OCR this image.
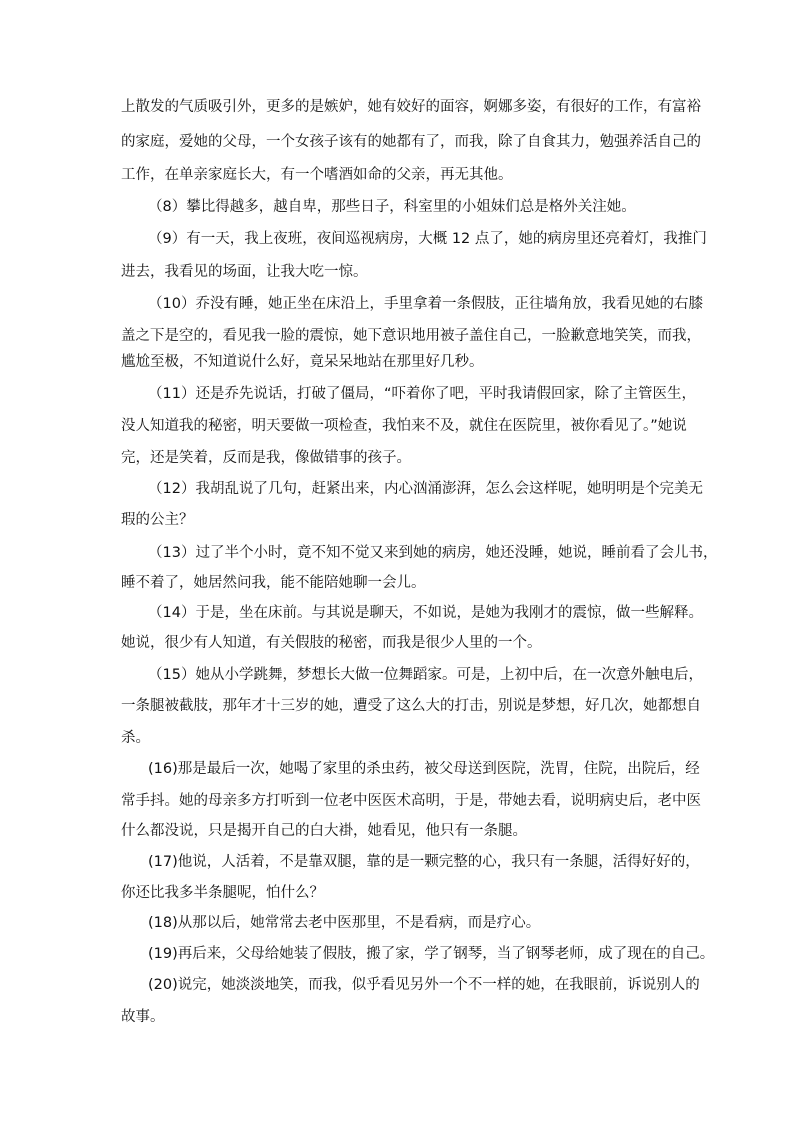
上散发的气质吸引外，更多的是嫉妒，她有姣好的面容，婀娜多姿，有很好的工作，有富裕
的家庭，爱她的父母，一个女孩子该有的她都有了，而我，除了自食其力，勉强养活自己的
工作，在单亲家庭长大，有一个嗜酒如命的父亲，再无其他。
（8）攀比得越多，越自卑，那些日子，科室里的小姐妹们总是格外关注她。
（9）有一天，我上夜班，夜间巡视病房，大概 12 点了，她的病房里还亮着灯，我推门
进去，我看见的场面，让我大吃一惊。
（10）乔没有睡，她正坐在床沿上，手里拿着一条假肢，正往墙角放，我看见她的右膝
盖之下是空的，看见我一脸的震惊，她下意识地用被子盖住自己，一脸歉意地笑笑，而我，
尴尬至极，不知道说什么好，竟呆呆地站在那里好几秒。
（11）还是乔先说话，打破了僵局，“吓着你了吧，平时我请假回家，除了主管医生，
没人知道我的秘密，明天要做一项检查，我怕来不及，就住在医院里，被你看见了。”她说
完，还是笑着，反而是我，像做错事的孩子。
（12）我胡乱说了几句，赶紧出来，内心汹涌澎湃，怎么会这样呢，她明明是个完美无
瑕的公主？
（13）过了半个小时，竟不知不觉又来到她的病房，她还没睡，她说，睡前看了会儿书，
睡不着了，她居然问我，能不能陪她聊一会儿。
（14）于是，坐在床前。与其说是聊天，不如说，是她为我刚才的震惊，做一些解释。
她说，很少有人知道，有关假肢的秘密，而我是很少人里的一个。
（15）她从小学跳舞，梦想长大做一位舞蹈家。可是，上初中后，在一次意外触电后，
一条腿被截肢，那年才十三岁的她，遭受了这么大的打击，别说是梦想，好几次，她都想自
杀。
(16)那是最后一次，她喝了家里的杀虫药，被父母送到医院，洗胃，住院，出院后，经
常手抖。她的母亲多方打听到一位老中医医术高明，于是，带她去看，说明病史后，老中医
什么都没说，只是揭开自己的白大褂，她看见，他只有一条腿。
(17)他说，人活着，不是靠双腿，靠的是一颗完整的心，我只有一条腿，活得好好的，
你还比我多半条腿呢，怕什么？
(18)从那以后，她常常去老中医那里，不是看病，而是疗心。
(19)再后来，父母给她装了假肢，搬了家，学了钢琴，当了钢琴老师，成了现在的自己。
(20)说完，她淡淡地笑，而我，似乎看见另外一个不一样的她，在我眼前，诉说别人的
故事。
